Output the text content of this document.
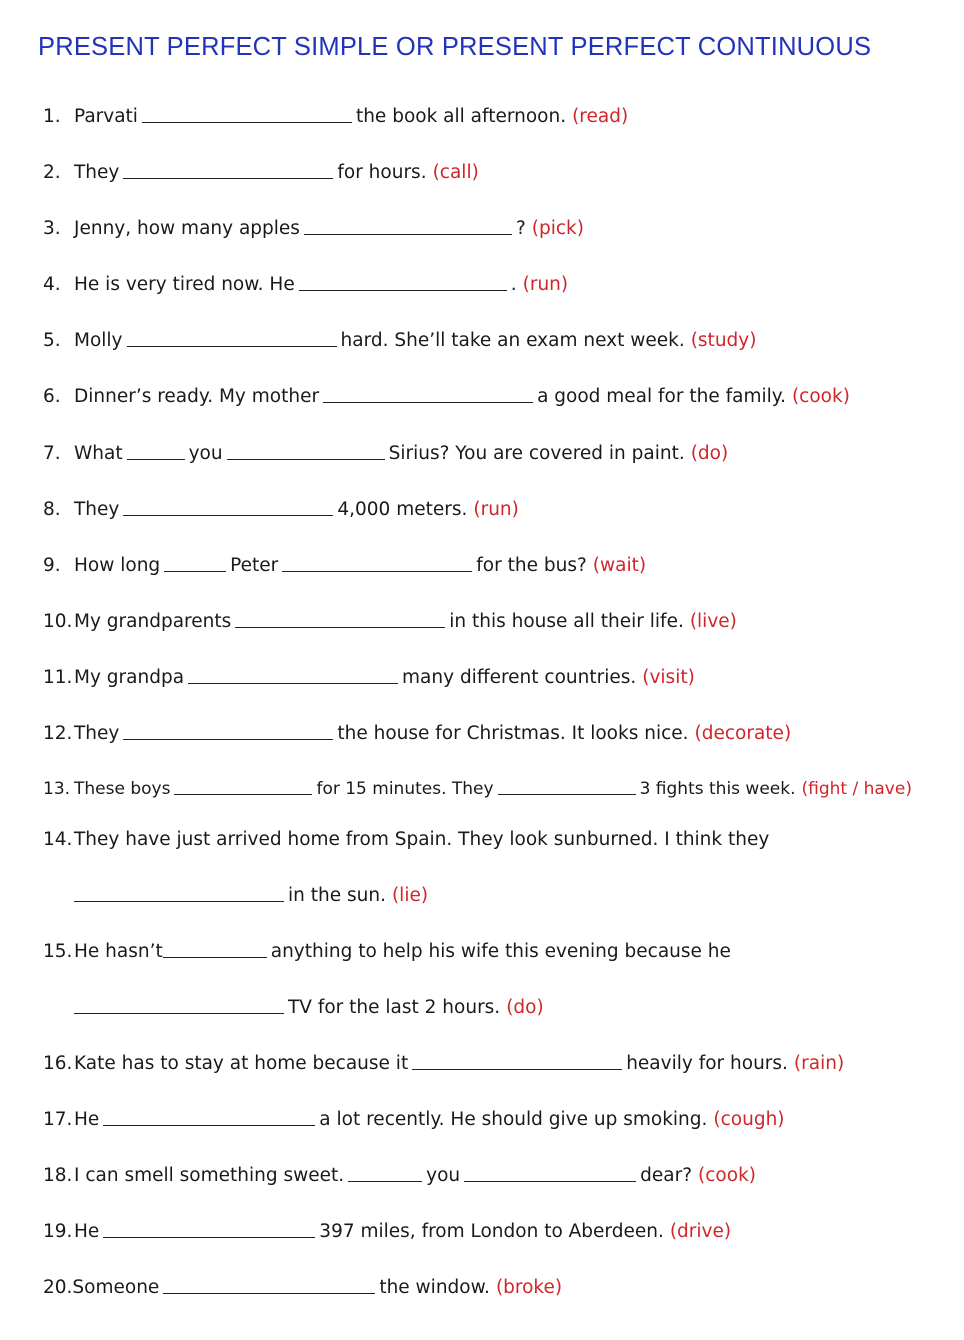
PRESENT PERFECT SIMPLE OR PRESENT PERFECT CONTINUOUS
1. Parvati	the book all afternoon. (read)
2. They	for hours. (call)
3. Jenny, how many apples	? (pick)
4. He is very tired now. He	. (run)
5. Molly	hard. She’ll take an exam next week. (study)
6. Dinner’s ready. My mother	a good meal for the family. (cook)
7. What	you	Sirius? You are covered in paint. (do)
8. They	4,000 meters. (run)
9. How long	Peter	for the bus? (wait)
10. My grandparents	in this house all their life. (live)
11. My grandpa	many different countries. (visit)
12. They	the house for Christmas. It looks nice. (decorate)
13. These boys	for 15 minutes. They	3 fights this week. (fight / have)
14. They have just arrived home from Spain. They look sunburned. I think they
in the sun. (lie)
15. He hasn’t	anything to help his wife this evening because he
TV for the last 2 hours. (do)
16. Kate has to stay at home because it	heavily for hours. (rain)
17. He	a lot recently. He should give up smoking. (cough)
18. I can smell something sweet.	you	dear? (cook)
19. He	397 miles, from London to Aberdeen. (drive)
20. Someone	the window. (broke)
